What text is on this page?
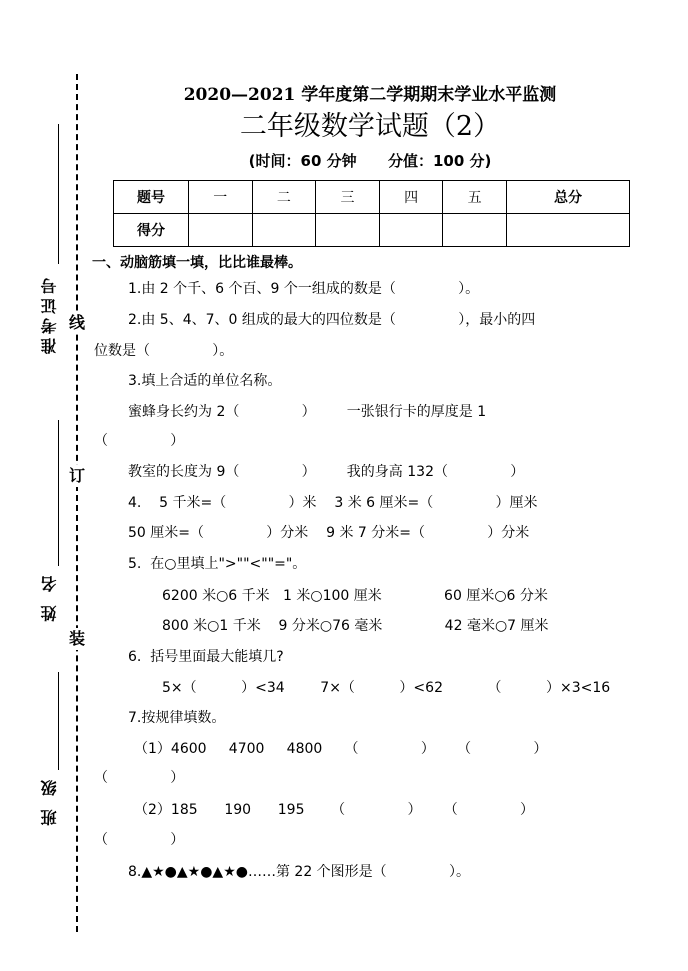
线
订
装
准考证号
姓 名
班 级
2020—2021 学年度第二学期期末学业水平监测
二年级数学试题（2）
(时间：60 分钟      分值：100 分)
题号	一	二	三	四	五	总分
得分						
一、动脑筋填一填，比比谁最棒。
1.由 2 个千、6 个百、9 个一组成的数是（              ）。
2.由 5、4、7、0 组成的最大的四位数是（              ），最小的四
位数是（              ）。
3.填上合适的单位名称。
蜜蜂身长约为 2（              ）       一张银行卡的厚度是 1
（              ）
教室的长度为 9（              ）       我的身高 132（              ）
4.    5 千米=（              ）米    3 米 6 厘米=（              ）厘米
50 厘米=（              ）分米    9 米 7 分米=（              ）分米
5.  在○里填上">""<""="。
6200 米○6 千米   1 米○100 厘米              60 厘米○6 分米
800 米○1 千米    9 分米○76 毫米              42 毫米○7 厘米
6.  括号里面最大能填几?
5×（          ）<34        7×（          ）<62          （          ）×3<16
7.按规律填数。
（1）4600     4700     4800     （              ）     （              ）
（              ）
（2）185      190      195      （              ）     （              ）
（              ）
8.▲★●▲★●▲★●……第 22 个图形是（              ）。
